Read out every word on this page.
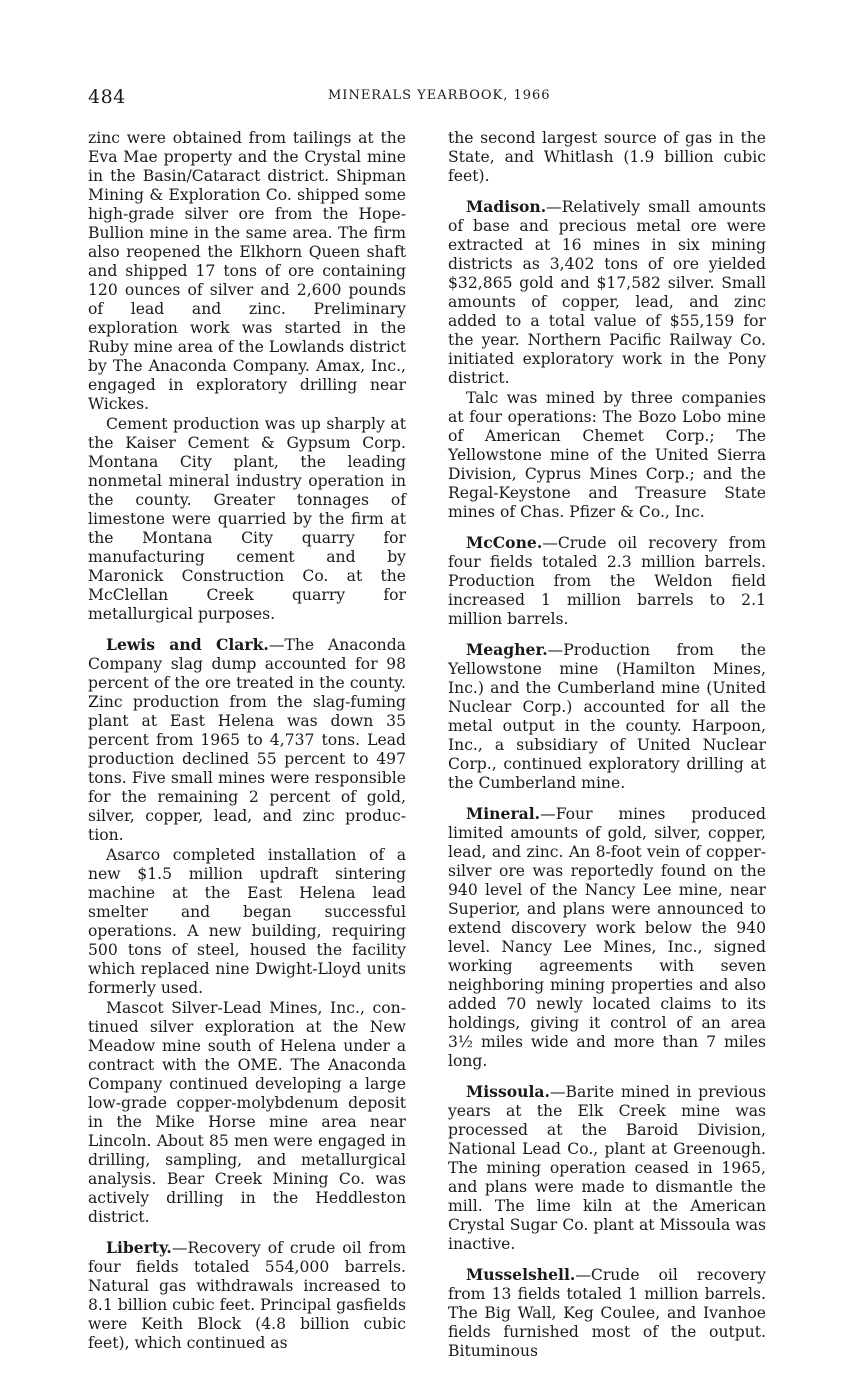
484	MINERALS YEARBOOK, 1966

zinc were obtained from tailings at the Eva Mae property and the Crystal mine in the Basin/Cataract district. Shipman Mining & Exploration Co. shipped some high-grade silver ore from the Hope-Bullion mine in the same area. The firm also reopened the Elkhorn Queen shaft and shipped 17 tons of ore containing 120 ounces of silver and 2,600 pounds of lead and zinc. Preliminary exploration work was started in the Ruby mine area of the Lowlands district by The Anaconda Company. Amax, Inc., engaged in exploratory drilling near Wickes.

Cement production was up sharply at the Kaiser Cement & Gypsum Corp. Montana City plant, the leading nonmetal mineral industry operation in the county. Greater tonnages of limestone were quarried by the firm at the Montana City quarry for manufacturing cement and by Maronick Construction Co. at the McClellan Creek quarry for metallurgical purposes.

Lewis and Clark.—The Anaconda Company slag dump accounted for 98 percent of the ore treated in the county. Zinc production from the slag-fuming plant at East Helena was down 35 percent from 1965 to 4,737 tons. Lead production declined 55 percent to 497 tons. Five small mines were responsible for the remaining 2 percent of gold, silver, copper, lead, and zinc production.

Asarco completed installation of a new $1.5 million updraft sintering machine at the East Helena lead smelter and began successful operations. A new building, requiring 500 tons of steel, housed the facility which replaced nine Dwight-Lloyd units formerly used.

Mascot Silver-Lead Mines, Inc., continued silver exploration at the New Meadow mine south of Helena under a contract with the OME. The Anaconda Company continued developing a large low-grade copper-molybdenum deposit in the Mike Horse mine area near Lincoln. About 85 men were engaged in drilling, sampling, and metallurgical analysis. Bear Creek Mining Co. was actively drilling in the Heddleston district.

Liberty.—Recovery of crude oil from four fields totaled 554,000 barrels. Natural gas withdrawals increased to 8.1 billion cubic feet. Principal gasfields were Keith Block (4.8 billion cubic feet), which continued as

the second largest source of gas in the State, and Whitlash (1.9 billion cubic feet).

Madison.—Relatively small amounts of base and precious metal ore were extracted at 16 mines in six mining districts as 3,402 tons of ore yielded $32,865 gold and $17,582 silver. Small amounts of copper, lead, and zinc added to a total value of $55,159 for the year. Northern Pacific Railway Co. initiated exploratory work in the Pony district.

Talc was mined by three companies at four operations: The Bozo Lobo mine of American Chemet Corp.; The Yellowstone mine of the United Sierra Division, Cyprus Mines Corp.; and the Regal-Keystone and Treasure State mines of Chas. Pfizer & Co., Inc.

McCone.—Crude oil recovery from four fields totaled 2.3 million barrels. Production from the Weldon field increased 1 million barrels to 2.1 million barrels.

Meagher.—Production from the Yellowstone mine (Hamilton Mines, Inc.) and the Cumberland mine (United Nuclear Corp.) accounted for all the metal output in the county. Harpoon, Inc., a subsidiary of United Nuclear Corp., continued exploratory drilling at the Cumberland mine.

Mineral.—Four mines produced limited amounts of gold, silver, copper, lead, and zinc. An 8-foot vein of copper-silver ore was reportedly found on the 940 level of the Nancy Lee mine, near Superior, and plans were announced to extend discovery work below the 940 level. Nancy Lee Mines, Inc., signed working agreements with seven neighboring mining properties and also added 70 newly located claims to its holdings, giving it control of an area 3½ miles wide and more than 7 miles long.

Missoula.—Barite mined in previous years at the Elk Creek mine was processed at the Baroid Division, National Lead Co., plant at Greenough. The mining operation ceased in 1965, and plans were made to dismantle the mill. The lime kiln at the American Crystal Sugar Co. plant at Missoula was inactive.

Musselshell.—Crude oil recovery from 13 fields totaled 1 million barrels. The Big Wall, Keg Coulee, and Ivanhoe fields furnished most of the output. Bituminous
